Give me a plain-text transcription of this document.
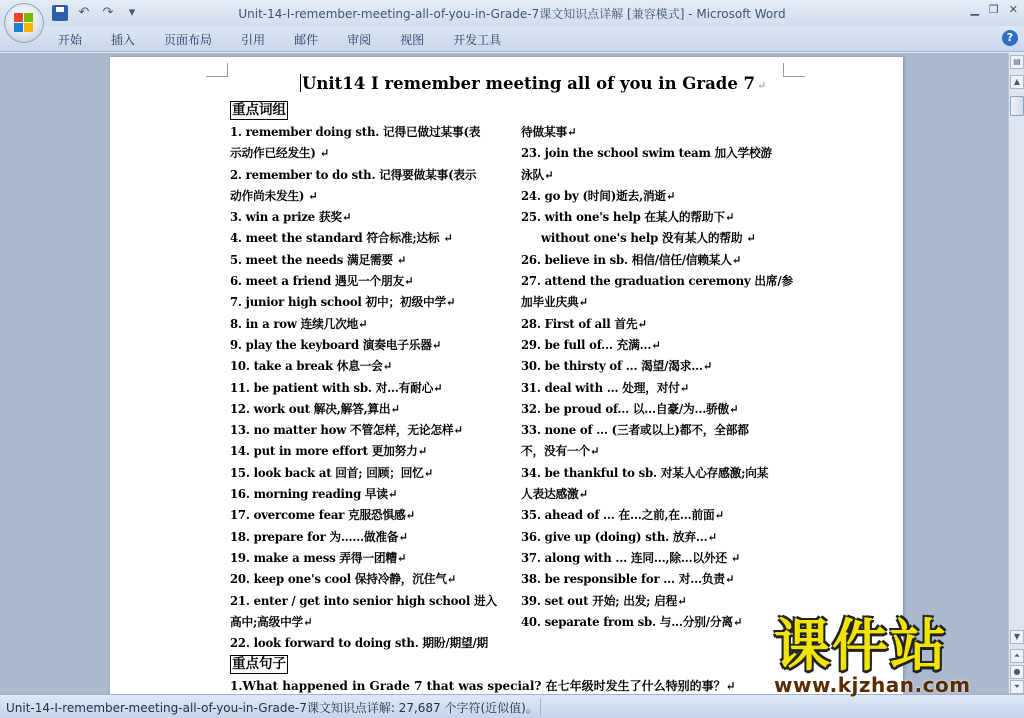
↶ ↷	▾	Unit-14-I-remember-meeting-all-of-you-in-Grade-7课文知识点详解 [兼容模式] - Microsoft Word	▁ ❐ ✕
开始 插入 页面布局 引用 邮件 审阅 视图 开发工具	?
Unit14 I remember meeting all of you in Grade 7 ↵
重点词组
1. remember doing sth. 记得已做过某事(表
示动作已经发生) ↵
2. remember to do sth. 记得要做某事(表示
动作尚未发生) ↵
3. win a prize 获奖↵
4. meet the standard 符合标准;达标 ↵
5. meet the needs 满足需要 ↵
6. meet a friend 遇见一个朋友↵
7. junior high school 初中；初级中学↵
8. in a row 连续几次地↵
9. play the keyboard 演奏电子乐器↵
10. take a break 休息一会↵
11. be patient with sb. 对…有耐心↵
12. work out 解决,解答,算出↵
13. no matter how 不管怎样，无论怎样↵
14. put in more effort 更加努力↵
15. look back at 回首; 回顾；回忆↵
16. morning reading 早读↵
17. overcome fear 克服恐惧感↵
18. prepare for 为……做准备↵
19. make a mess 弄得一团糟↵
20. keep one's cool 保持冷静，沉住气↵
21. enter / get into senior high school 进入
高中;高级中学↵
22. look forward to doing sth. 期盼/期望/期
待做某事↵
23. join the school swim team 加入学校游
泳队↵
24. go by (时间)逝去,消逝↵
25. with one's help 在某人的帮助下↵
without one's help 没有某人的帮助 ↵
26. believe in sb. 相信/信任/信赖某人↵
27. attend the graduation ceremony 出席/参
加毕业庆典↵
28. First of all 首先↵
29. be full of... 充满...↵
30. be thirsty of ... 渴望/渴求...↵
31. deal with ... 处理，对付↵
32. be proud of... 以...自豪/为...骄傲↵
33. none of ... (三者或以上)都不，全部都
不，没有一个↵
34. be thankful to sb. 对某人心存感激;向某
人表达感激↵
35. ahead of ... 在...之前,在...前面↵
36. give up (doing) sth. 放弃...↵
37. along with ... 连同...,除...以外还 ↵
38. be responsible for ... 对...负责↵
39. set out 开始; 出发; 启程↵
40. separate from sb. 与...分别/分离↵
重点句子
1.What happened in Grade 7 that was special? 在七年级时发生了什么特别的事？↵
▤
▲
▼
⏶
●
⏷
Unit-14-I-remember-meeting-all-of-you-in-Grade-7课文知识点详解: 27,687 个字符(近似值)。
课件站
www.kjzhan.com
